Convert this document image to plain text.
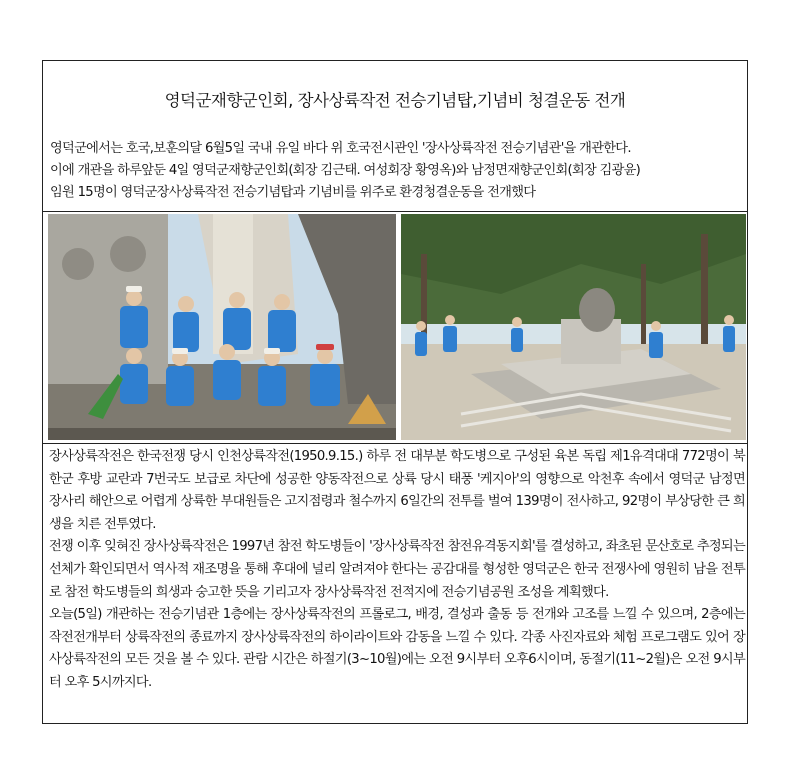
영덕군재향군인회, 장사상륙작전 전승기념탑,기념비 청결운동 전개

영덕군에서는 호국,보훈의달 6월5일 국내 유일 바다 위 호국전시관인 '장사상륙작전 전승기념관'을 개관한다.

이에 개관을 하루앞둔 4일 영덕군재향군인회(회장 김근태. 여성회장 황영옥)와 남정면재향군인회(회장 김광윤)

임원 15명이 영덕군장사상륙작전 전승기념탑과 기념비를 위주로 환경청결운동을 전개했다

장사상륙작전은 한국전쟁 당시 인천상륙작전(1950.9.15.) 하루 전 대부분 학도병으로 구성된 육본 독립 제1유격대대 772명이 북한군 후방 교란과 7번국도 보급로 차단에 성공한 양동작전으로 상륙 당시 태풍 '케지아'의 영향으로 악천후 속에서 영덕군 남정면 장사리 해안으로 어렵게 상륙한 부대원들은 고지점령과 철수까지 6일간의 전투를 벌여 139명이 전사하고, 92명이 부상당한 큰 희생을 치른 전투였다.

전쟁 이후 잊혀진 장사상륙작전은 1997년 참전 학도병들이 '장사상륙작전 참전유격동지회'를 결성하고, 좌초된 문산호로 추정되는 선체가 확인되면서 역사적 재조명을 통해 후대에 널리 알려져야 한다는 공감대를 형성한 영덕군은 한국 전쟁사에 영원히 남을 전투로 참전 학도병들의 희생과 숭고한 뜻을 기리고자 장사상륙작전 전적지에 전승기념공원 조성을 계획했다.

오늘(5일) 개관하는 전승기념관 1층에는 장사상륙작전의 프롤로그, 배경, 결성과 출동 등 전개와 고조를 느낄 수 있으며, 2층에는 작전전개부터 상륙작전의 종료까지 장사상륙작전의 하이라이트와 감동을 느낄 수 있다. 각종 사진자료와 체험 프로그램도 있어 장사상륙작전의 모든 것을 볼 수 있다. 관람 시간은 하절기(3~10월)에는 오전 9시부터 오후6시이며, 동절기(11~2월)은 오전 9시부터 오후 5시까지다.
